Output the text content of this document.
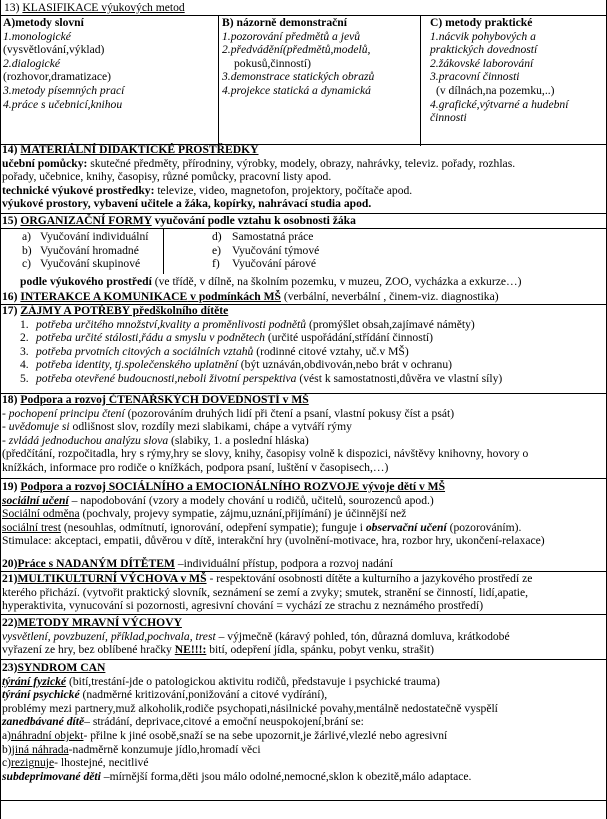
13) KLASIFIKACE výukových metod
A)metody slovní
1.monologické
(vysvětlování,výklad)
2.dialogické
(rozhovor,dramatizace)
3.metody písemných prací
4.práce s učebnicí,knihou
B) názorně demonstrační
1.pozorování předmětů a jevů
2.předvádění(předmětů,modelů,
pokusů,činností)
3.demonstrace statických obrazů
4.projekce statická a dynamická
C) metody praktické
1.nácvik pohybových a
praktických dovedností
2.žákovské laborování
3.pracovní činnosti
(v dílnách,na pozemku,..)
4.grafické,výtvarné a hudební
činnosti
14) MATERIÁLNÍ DIDAKTICKÉ PROSTŘEDKY
učební pomůcky: skutečné předměty, přírodniny, výrobky, modely, obrazy, nahrávky, televiz. pořady, rozhlas.
pořady, učebnice, knihy, časopisy, různé pomůcky, pracovní listy apod.
technické výukové prostředky: televize, video, magnetofon, projektory, počítače apod.
výukové prostory, vybavení učitele a žáka, kopírky, nahrávací studia apod.
15) ORGANIZAČNÍ FORMY vyučování podle vztahu k osobnosti žáka
a) Vyučování individuální
b) Vyučování hromadné
c) Vyučování skupinové
d) Samostatná práce
e) Vyučování týmové
f) Vyučování párové
podle výukového prostředí (ve třídě, v dílně, na školním pozemku, v muzeu, ZOO, vycházka a exkurze…)
16) INTERAKCE A KOMUNIKACE v podmínkách MŠ (verbální, neverbální , činem-viz. diagnostika)
17) ZÁJMY A POTŘEBY předškolního dítěte
1. potřeba určitého množství,kvality a proměnlivosti podnětů (promýšlet obsah,zajímavé náměty)
2. potřeba určité stálosti,řádu a smyslu v podnětech (určité uspořádání,střídání činností)
3. potřeba prvotních citových a sociálních vztahů (rodinné citové vztahy, uč.v MŠ)
4. potřeba identity, tj.společenského uplatnění (být uznáván,obdivován,nebo brát v ochranu)
5. potřeba otevřené budoucnosti,neboli životní perspektiva (vést k samostatnosti,důvěra ve vlastní síly)
18) Podpora a rozvoj ČTENÁŘSKÝCH DOVEDNOSTÍ v MŠ
- pochopení principu čtení (pozorováním druhých lidí při čtení a psaní, vlastní pokusy číst a psát)
- uvědomuje si odlišnost slov, rozdíly mezi slabikami, chápe a vytváří rýmy
- zvládá jednoduchou analýzu slova (slabiky, 1. a poslední hláska)
(předčítání, rozpočitadla, hry s rýmy,hry se slovy, knihy, časopisy volně k dispozici, návštěvy knihovny, hovory o
knížkách, informace pro rodiče o knížkách, podpora psaní, luštění v časopisech,…)
19) Podpora a rozvoj SOCIÁLNÍHO a EMOCIONÁLNÍHO ROZVOJE vývoje dětí v MŠ
sociální učení – napodobování (vzory a modely chování u rodičů, učitelů, sourozenců apod.)
Sociální odměna (pochvaly, projevy sympatie, zájmu,uznání,přijímání) je účinnější než
sociální trest (nesouhlas, odmítnutí, ignorování, odepření sympatie); funguje i observační učení (pozorováním).
Stimulace: akceptaci, empatii, důvěrou v dítě, interakční hry (uvolnění-motivace, hra, rozbor hry, ukončení-relaxace)
20)Práce s NADANÝM DÍTĚTEM –individuální přístup, podpora a rozvoj nadání
21)MULTIKULTURNÍ VÝCHOVA v MŠ - respektování osobnosti dítěte a kulturního a jazykového prostředí ze
kterého přichází. (vytvořit praktický slovník, seznámení se zemí a zvyky; smutek, stranění se činností, lidí,apatie,
hyperaktivita, vynucování si pozornosti, agresivní chování = vychází ze strachu z neznámého prostředí)
22)METODY MRAVNÍ VÝCHOVY
vysvětlení, povzbuzení, příklad,pochvala, trest – výjmečně (káravý pohled, tón, důrazná domluva, krátkodobé
vyřazení ze hry, bez oblíbené hračky NE!!!: bití, odepření jídla, spánku, pobyt venku, strašit)
23)SYNDROM CAN
týrání fyzické (bití,trestání-jde o patologickou aktivitu rodičů, představuje i psychické trauma)
týrání psychické (nadměrné kritizování,ponižování a citové vydírání),
problémy mezi partnery,muž alkoholik,rodiče psychopati,násilnické povahy,mentálně nedostatečně vyspělí
zanedbávané dítě– strádání, deprivace,citové a emoční neuspokojení,brání se:
a)náhradní objekt- přilne k jiné osobě,snaží se na sebe upozornit,je žárlivé,vlezlé nebo agresivní
b)jiná náhrada-nadměrně konzumuje jídlo,hromadí věci
c)rezignuje- lhostejné, necitlivé
subdeprimované děti –mírnější forma,děti jsou málo odolné,nemocné,sklon k obezitě,málo adaptace.
